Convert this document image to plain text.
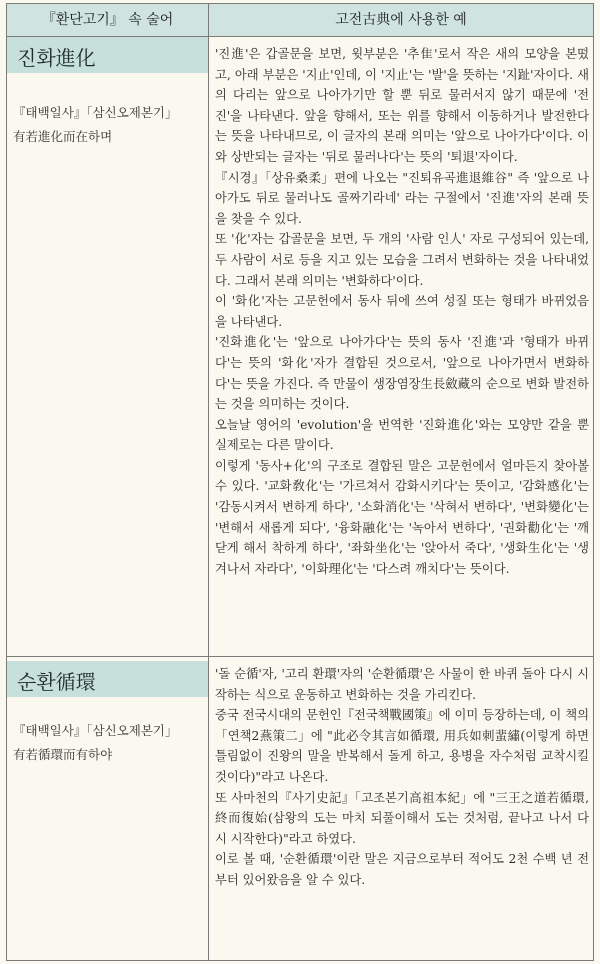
『환단고기』 속 술어	고전古典에 사용한 예
진화進化
『태백일사』「삼신오제본기」
有若進化而在하며

'진進'은 갑골문을 보면, 윗부분은 '추隹'로서 작은 새의 모양을 본떴고, 아래 부분은 '지止'인데, 이 '지止'는 '발'을 뜻하는 '지趾'자이다. 새의 다리는 앞으로 나아가기만 할 뿐 뒤로 물러서지 않기 때문에 '전진'을 나타낸다. 앞을 향해서, 또는 위를 향해서 이동하거나 발전한다는 뜻을 나타내므로, 이 글자의 본래 의미는 '앞으로 나아가다'이다. 이와 상반되는 글자는 '뒤로 물러나다'는 뜻의 '퇴退'자이다.

『시경』「상유桑柔」편에 나오는 "진퇴유곡進退維谷" 즉 '앞으로 나아가도 뒤로 물러나도 골짜기라네' 라는 구절에서 '진進'자의 본래 뜻을 찾을 수 있다.

또 '化'자는 갑골문을 보면, 두 개의 '사람 인人' 자로 구성되어 있는데, 두 사람이 서로 등을 지고 있는 모습을 그려서 변화하는 것을 나타내었다. 그래서 본래 의미는 '변화하다'이다.

이 '화化'자는 고문헌에서 동사 뒤에 쓰여 성질 또는 형태가 바뀌었음을 나타낸다.

'진화進化'는 '앞으로 나아가다'는 뜻의 동사 '진進'과 '형태가 바뀌다'는 뜻의 '화化'자가 결합된 것으로서, '앞으로 나아가면서 변화하다'는 뜻을 가진다. 즉 만물이 생장염장生長斂藏의 순으로 변화 발전하는 것을 의미하는 것이다.

오늘날 영어의 'evolution'을 번역한 '진화進化'와는 모양만 같을 뿐 실제로는 다른 말이다.

이렇게 '동사+化'의 구조로 결합된 말은 고문헌에서 얼마든지 찾아볼 수 있다. '교화敎化'는 '가르쳐서 감화시키다'는 뜻이고, '감화感化'는 '감동시켜서 변하게 하다', '소화消化'는 '삭혀서 변하다', '변화變化'는 '변해서 새롭게 되다', '융화融化'는 '녹아서 변하다', '권화勸化'는 '깨닫게 해서 착하게 하다', '좌화坐化'는 '앉아서 죽다', '생화生化'는 '생겨나서 자라다', '이화理化'는 '다스려 깨치다'는 뜻이다.

순환循環
『태백일사』「삼신오제본기」
有若循環而有하야

'돌 순循'자, '고리 환環'자의 '순환循環'은 사물이 한 바퀴 돌아 다시 시작하는 식으로 운동하고 변화하는 것을 가리킨다.

중국 전국시대의 문헌인『전국책戰國策』에 이미 등장하는데, 이 책의「연책2燕策二」에 "此必令其言如循環, 用兵如刺蜚繡(이렇게 하면 틀림없이 진왕의 말을 반복해서 돌게 하고, 용병을 자수처럼 교착시킬 것이다)"라고 나온다.

또 사마천의『사기史記』「고조본기高祖本紀」에 "三王之道若循環, 終而復始(삼왕의 도는 마치 되풀이해서 도는 것처럼, 끝나고 나서 다시 시작한다)"라고 하였다.

이로 볼 때, '순환循環'이란 말은 지금으로부터 적어도 2천 수백 년 전부터 있어왔음을 알 수 있다.
